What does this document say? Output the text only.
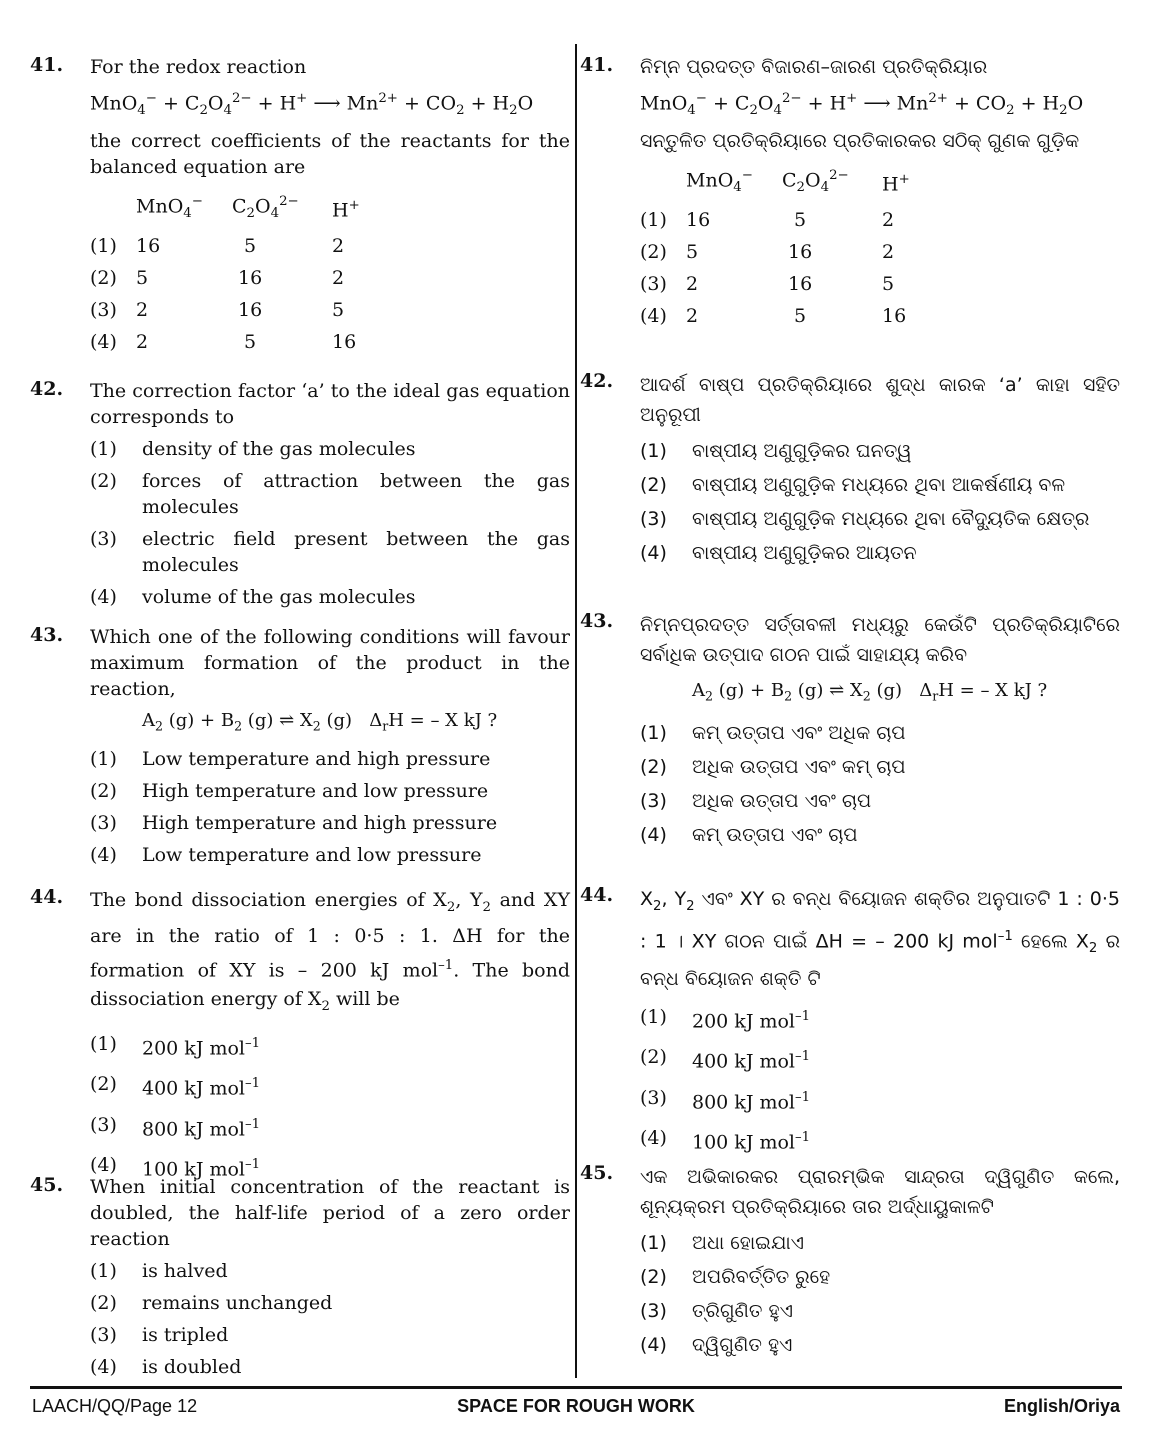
41. For the redox reaction

$MnO_4^- + C_2O_4^{2-} + H^+$ ⟶ $Mn^{2+} + CO_2 + H_2O$

the correct coefficients of the reactants for the balanced equation are

	MnO$_4$−	$C_2O_4^{2-}$	H+
(1)	16	5	2
(2)	5	16	2
(3)	2	16	5
(4)	2	5	16
42. The correction factor ‘a’ to the ideal gas equation corresponds to

(1)	density of the gas molecules
(2)	forces of attraction between the gas molecules
(3)	electric field present between the gas molecules
(4)	volume of the gas molecules
43. Which one of the following conditions will favour maximum formation of the product in the reaction,

$A_2$ $(g) + B_2$ (g) ⇌ $X_2$ (g)   $\Delta_rH$ = – X kJ ?
(1)	Low temperature and high pressure
(2)	High temperature and low pressure
(3)	High temperature and high pressure
(4)	Low temperature and low pressure
44. The bond dissociation energies of $X_2$, $Y_2$ and XY are in the ratio of 1 : 0·5 : 1. ΔH for the formation of XY is – 200 kJ mol$^{-1}$. The bond dissociation energy of $X_2$ will be

(1)	200 kJ mol$^{-1}$
(2)	400 kJ mol$^{-1}$
(3)	800 kJ mol$^{-1}$
(4)	100 kJ mol$^{-1}$
45. When initial concentration of the reactant is doubled, the half-life period of a zero order reaction

(1)	is halved
(2)	remains unchanged
(3)	is tripled
(4)	is doubled
41. ନିମ୍ନ ପ୍ରଦତ୍ତ ବିଜାରଣ–ଜାରଣ ପ୍ରତିକ୍ରିୟାର

$MnO_4^- + C_2O_4^{2-} + H^+$ ⟶ $Mn^{2+} + CO_2 + H_2O$

ସନ୍ତୁଳିତ ପ୍ରତିକ୍ରିୟାରେ ପ୍ରତିକାରକର ସଠିକ୍ ଗୁଣକ ଗୁଡ଼ିକ

	MnO$_4$−	$C_2O_4^{2-}$	H+
(1)	16	5	2
(2)	5	16	2
(3)	2	16	5
(4)	2	5	16
42. ଆଦର୍ଶ ବାଷ୍ପ ପ୍ରତିକ୍ରିୟାରେ ଶୁଦ୍ଧ କାରକ ‘a’ କାହା ସହିତ ଅନୁରୂପୀ

(1)	ବାଷ୍ପୀୟ ଅଣୁଗୁଡ଼ିକର ଘନତ୍ୱ
(2)	ବାଷ୍ପୀୟ ଅଣୁଗୁଡ଼ିକ ମଧ୍ୟରେ ଥିବା ଆକର୍ଷଣୀୟ ବଳ
(3)	ବାଷ୍ପୀୟ ଅଣୁଗୁଡ଼ିକ ମଧ୍ୟରେ ଥିବା ବୈଦ୍ୟୁତିକ କ୍ଷେତ୍ର
(4)	ବାଷ୍ପୀୟ ଅଣୁଗୁଡ଼ିକର ଆୟତନ
43. ନିମ୍ନପ୍ରଦତ୍ତ ସର୍ତ୍ତାବଳୀ ମଧ୍ୟରୁ କେଉଁଟି ପ୍ରତିକ୍ରିୟାଟିରେ ସର୍ବାଧିକ ଉତ୍ପାଦ ଗଠନ ପାଇଁ ସାହାଯ୍ୟ କରିବ

$A_2$ $(g) + B_2$ (g) ⇌ $X_2$ (g)   $\Delta_rH$ = – X kJ ?
(1)	କମ୍ ଉତ୍ତାପ ଏବଂ ଅଧିକ ଚାପ
(2)	ଅଧିକ ଉତ୍ତାପ ଏବଂ କମ୍ ଚାପ
(3)	ଅଧିକ ଉତ୍ତାପ ଏବଂ ଚାପ
(4)	କମ୍ ଉତ୍ତାପ ଏବଂ ଚାପ
44. $X_2$, $Y_2$ ଏବଂ XY ର ବନ୍ଧ ବିୟୋଜନ ଶକ୍ତିର ଅନୁପାତଟି 1 : 0·5 : 1 । XY ଗଠନ ପାଇଁ ΔH = – 200 kJ mol$^{-1}$ ହେଲେ $X_2$ ର ବନ୍ଧ ବିୟୋଜନ ଶକ୍ତି ଟି

(1)	200 kJ mol$^{-1}$
(2)	400 kJ mol$^{-1}$
(3)	800 kJ mol$^{-1}$
(4)	100 kJ mol$^{-1}$
45. ଏକ ଅଭିକାରକର ପ୍ରାରମ୍ଭିକ ସାନ୍ଦ୍ରତା ଦ୍ୱିଗୁଣିତ କଲେ, ଶୂନ୍ୟକ୍ରମ ପ୍ରତିକ୍ରିୟାରେ ତାର ଅର୍ଦ୍ଧାୟୁକାଳଟି

(1)	ଅଧା ହୋଇଯାଏ
(2)	ଅପରିବର୍ତ୍ତିତ ରୁହେ
(3)	ତ୍ରିଗୁଣିତ ହୁଏ
(4)	ଦ୍ୱିଗୁଣିତ ହୁଏ
LAACH/QQ/Page 12	SPACE FOR ROUGH WORK	English/Oriya
